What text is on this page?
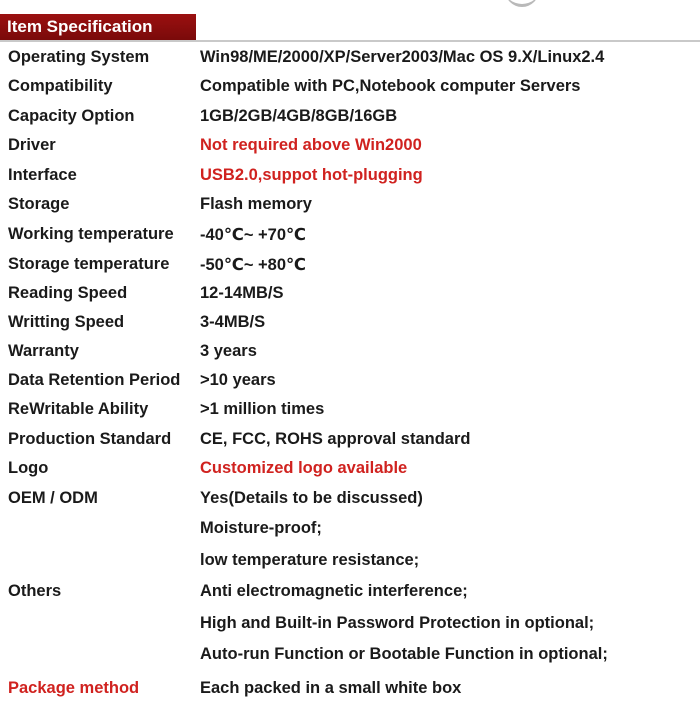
Item Specification
Operating System	Win98/ME/2000/XP/Server2003/Mac OS 9.X/Linux2.4
Compatibility	Compatible with PC,Notebook computer Servers
Capacity Option	1GB/2GB/4GB/8GB/16GB
Driver	Not required above Win2000
Interface	USB2.0,suppot hot-plugging
Storage	Flash memory
Working temperature -40℃~ +70℃
Storage temperature -50℃~ +80℃
Reading Speed	12-14MB/S
Writting Speed	3-4MB/S
Warranty	3 years
Data Retention Period >10 years
ReWritable Ability	>1 million times
Production Standard CE, FCC, ROHS approval standard
Logo	Customized logo available
OEM / ODM	Yes(Details to be discussed)
Moisture-proof;
low temperature resistance;
Others	Anti electromagnetic interference;
High and Built-in Password Protection in optional;
Auto-run Function or Bootable Function in optional;
Package method	Each packed in a small white box
